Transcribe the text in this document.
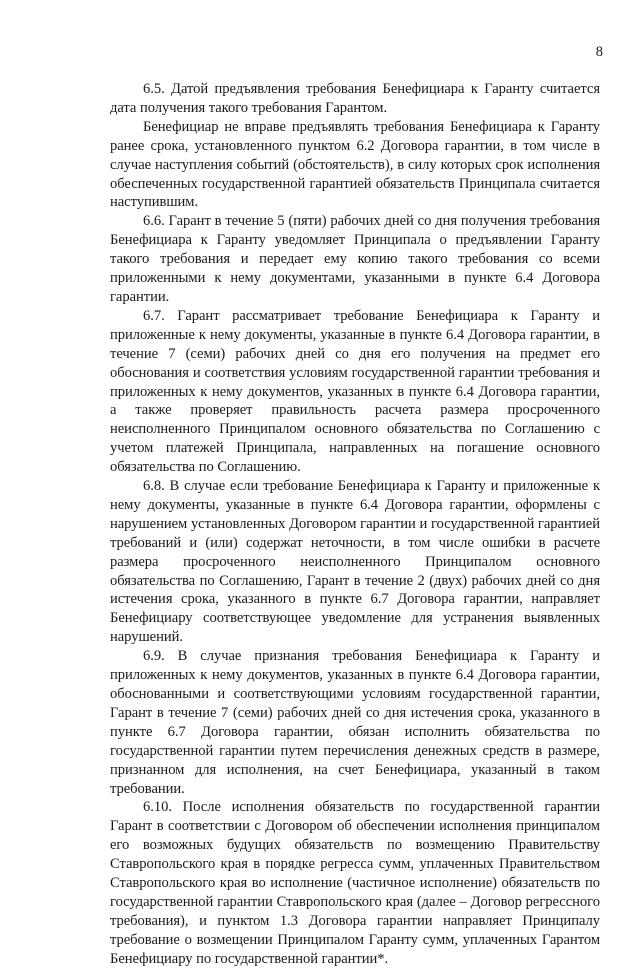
8

6.5. Датой предъявления требования Бенефициара к Гаранту считается дата получения такого требования Гарантом.

Бенефициар не вправе предъявлять требования Бенефициара к Гаранту ранее срока, установленного пунктом 6.2 Договора гарантии, в том числе в случае наступления событий (обстоятельств), в силу которых срок исполнения обеспеченных государственной гарантией обязательств Принципала считается наступившим.

6.6. Гарант в течение 5 (пяти) рабочих дней со дня получения требования Бенефициара к Гаранту уведомляет Принципала о предъявлении Гаранту такого требования и передает ему копию такого требования со всеми приложенными к нему документами, указанными в пункте 6.4 Договора гарантии.

6.7. Гарант рассматривает требование Бенефициара к Гаранту и приложенные к нему документы, указанные в пункте 6.4 Договора гарантии, в течение 7 (семи) рабочих дней со дня его получения на предмет его обоснования и соответствия условиям государственной гарантии требования и приложенных к нему документов, указанных в пункте 6.4 Договора гарантии, а также проверяет правильность расчета размера просроченного неисполненного Принципалом основного обязательства по Соглашению с учетом платежей Принципала, направленных на погашение основного обязательства по Соглашению.

6.8. В случае если требование Бенефициара к Гаранту и приложенные к нему документы, указанные в пункте 6.4 Договора гарантии, оформлены с нарушением установленных Договором гарантии и государственной гарантией требований и (или) содержат неточности, в том числе ошибки в расчете размера просроченного неисполненного Принципалом основного обязательства по Соглашению, Гарант в течение 2 (двух) рабочих дней со дня истечения срока, указанного в пункте 6.7 Договора гарантии, направляет Бенефициару соответствующее уведомление для устранения выявленных нарушений.

6.9. В случае признания требования Бенефициара к Гаранту и приложенных к нему документов, указанных в пункте 6.4 Договора гарантии, обоснованными и соответствующими условиям государственной гарантии, Гарант в течение 7 (семи) рабочих дней со дня истечения срока, указанного в пункте 6.7 Договора гарантии, обязан исполнить обязательства по государственной гарантии путем перечисления денежных средств в размере, признанном для исполнения, на счет Бенефициара, указанный в таком требовании.

6.10. После исполнения обязательств по государственной гарантии Гарант в соответствии с Договором об обеспечении исполнения принципалом его возможных будущих обязательств по возмещению Правительству Ставропольского края в порядке регресса сумм, уплаченных Правительством Ставропольского края во исполнение (частичное исполнение) обязательств по государственной гарантии Ставропольского края (далее – Договор регрессного требования), и пунктом 1.3 Договора гарантии направляет Принципалу требование о возмещении Принципалом Гаранту сумм, уплаченных Гарантом Бенефициару по государственной гарантии*.
